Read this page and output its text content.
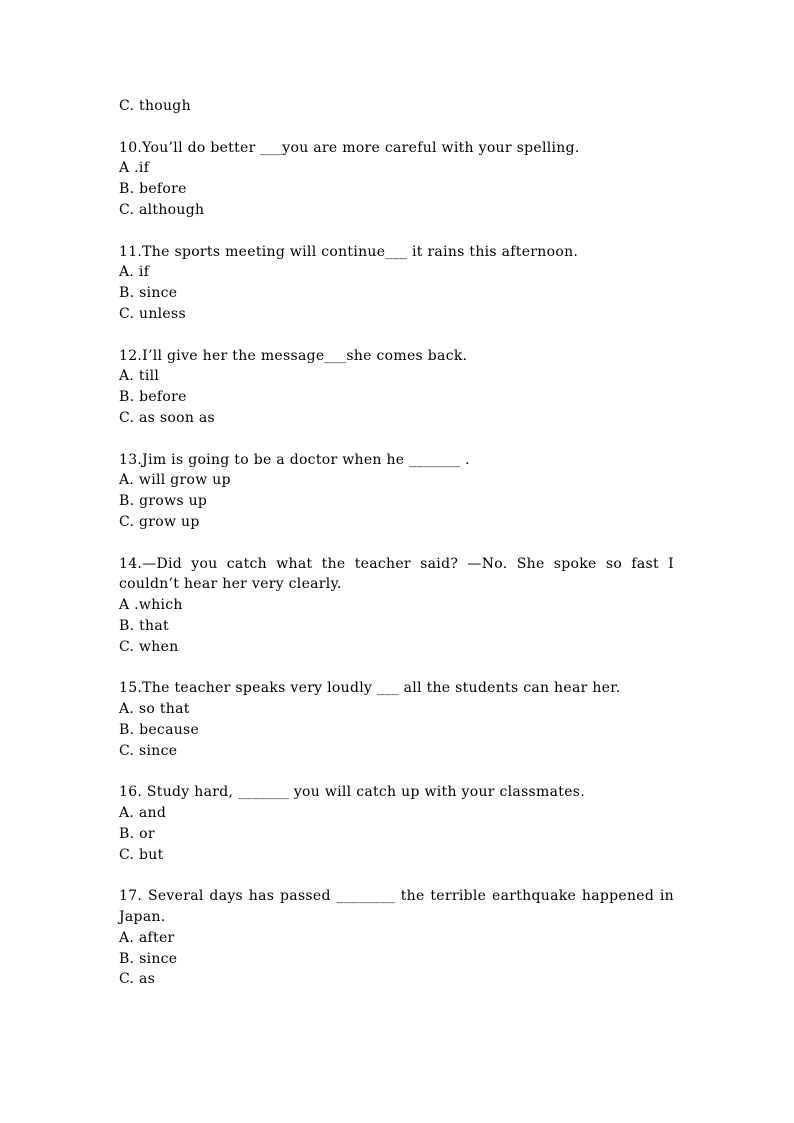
C. though
10.You’ll do better ___you are more careful with your spelling.
A .if
B. before
C. although
11.The sports meeting will continue___ it rains this afternoon.
A. if
B. since
C. unless
12.I’ll give her the message___she comes back.
A. till
B. before
C. as soon as
13.Jim is going to be a doctor when he _______ .
A. will grow up
B. grows up
C. grow up
14.—Did you catch what the teacher said? —No. She spoke so fast I couldn’t hear her very clearly.
A .which
B. that
C. when
15.The teacher speaks very loudly ___ all the students can hear her.
A. so that
B. because
C. since
16. Study hard, _______ you will catch up with your classmates.
A. and
B. or
C. but
17. Several days has passed ________ the terrible earthquake happened in Japan.
A. after
B. since
C. as
